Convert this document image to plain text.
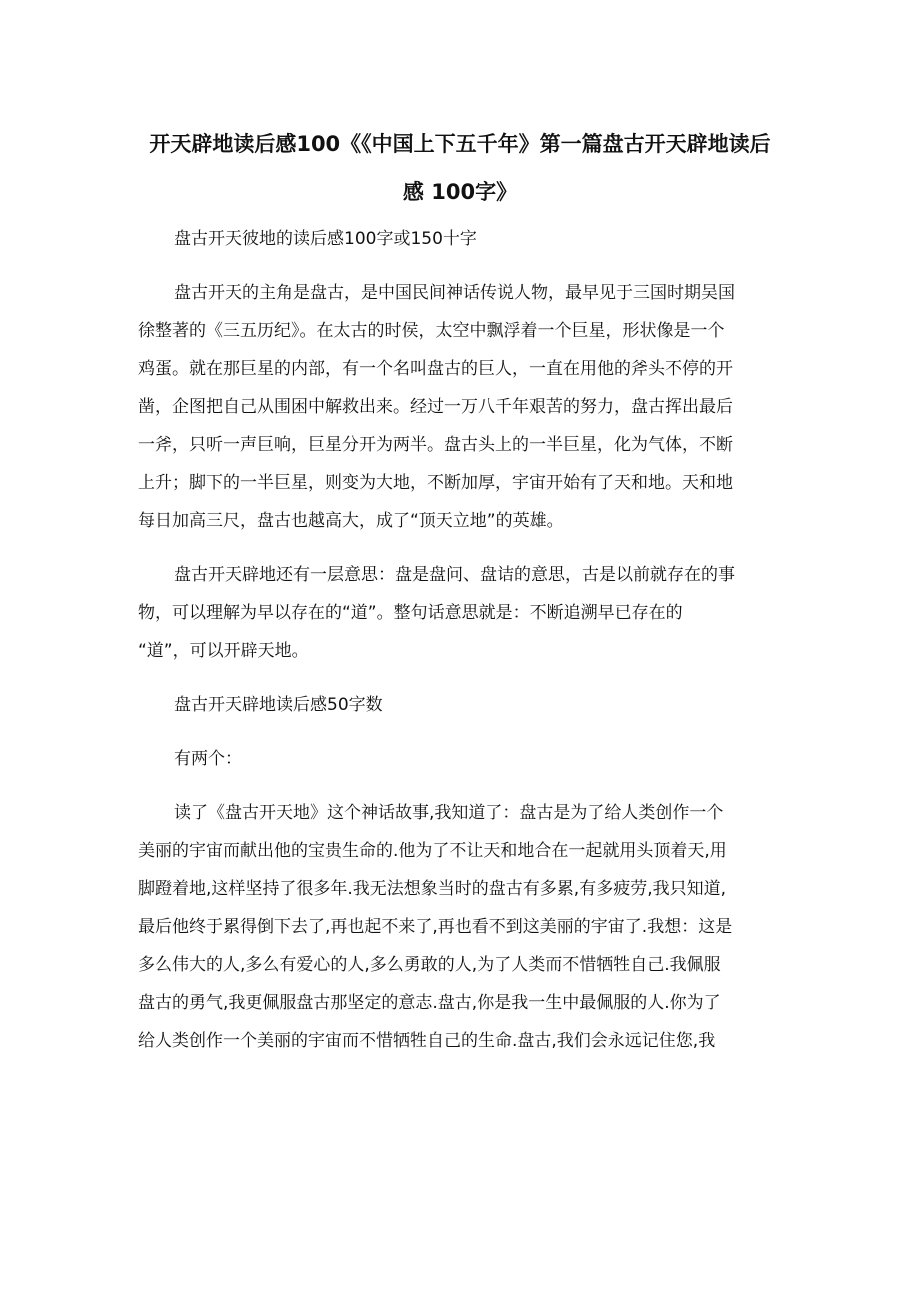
开天辟地读后感100《《中国上下五千年》第一篇盘古开天辟地读后
感 100字》
盘古开天彼地的读后感100字或150十字
盘古开天的主角是盘古，是中国民间神话传说人物，最早见于三国时期吴国
徐整著的《三五历纪》。在太古的时侯，太空中飘浮着一个巨星，形状像是一个
鸡蛋。就在那巨星的内部，有一个名叫盘古的巨人，一直在用他的斧头不停的开
凿，企图把自己从围困中解救出来。经过一万八千年艰苦的努力，盘古挥出最后
一斧，只听一声巨响，巨星分开为两半。盘古头上的一半巨星，化为气体，不断
上升；脚下的一半巨星，则变为大地，不断加厚，宇宙开始有了天和地。天和地
每日加高三尺，盘古也越高大，成了“顶天立地”的英雄。
盘古开天辟地还有一层意思：盘是盘问、盘诘的意思，古是以前就存在的事
物，可以理解为早以存在的“道”。整句话意思就是：不断追溯早已存在的
“道”，可以开辟天地。
盘古开天辟地读后感50字数
有两个：
读了《盘古开天地》这个神话故事,我知道了：盘古是为了给人类创作一个
美丽的宇宙而献出他的宝贵生命的.他为了不让天和地合在一起就用头顶着天,用
脚蹬着地,这样坚持了很多年.我无法想象当时的盘古有多累,有多疲劳,我只知道,
最后他终于累得倒下去了,再也起不来了,再也看不到这美丽的宇宙了.我想：这是
多么伟大的人,多么有爱心的人,多么勇敢的人,为了人类而不惜牺牲自己.我佩服
盘古的勇气,我更佩服盘古那坚定的意志.盘古,你是我一生中最佩服的人.你为了
给人类创作一个美丽的宇宙而不惜牺牲自己的生命.盘古,我们会永远记住您,我
